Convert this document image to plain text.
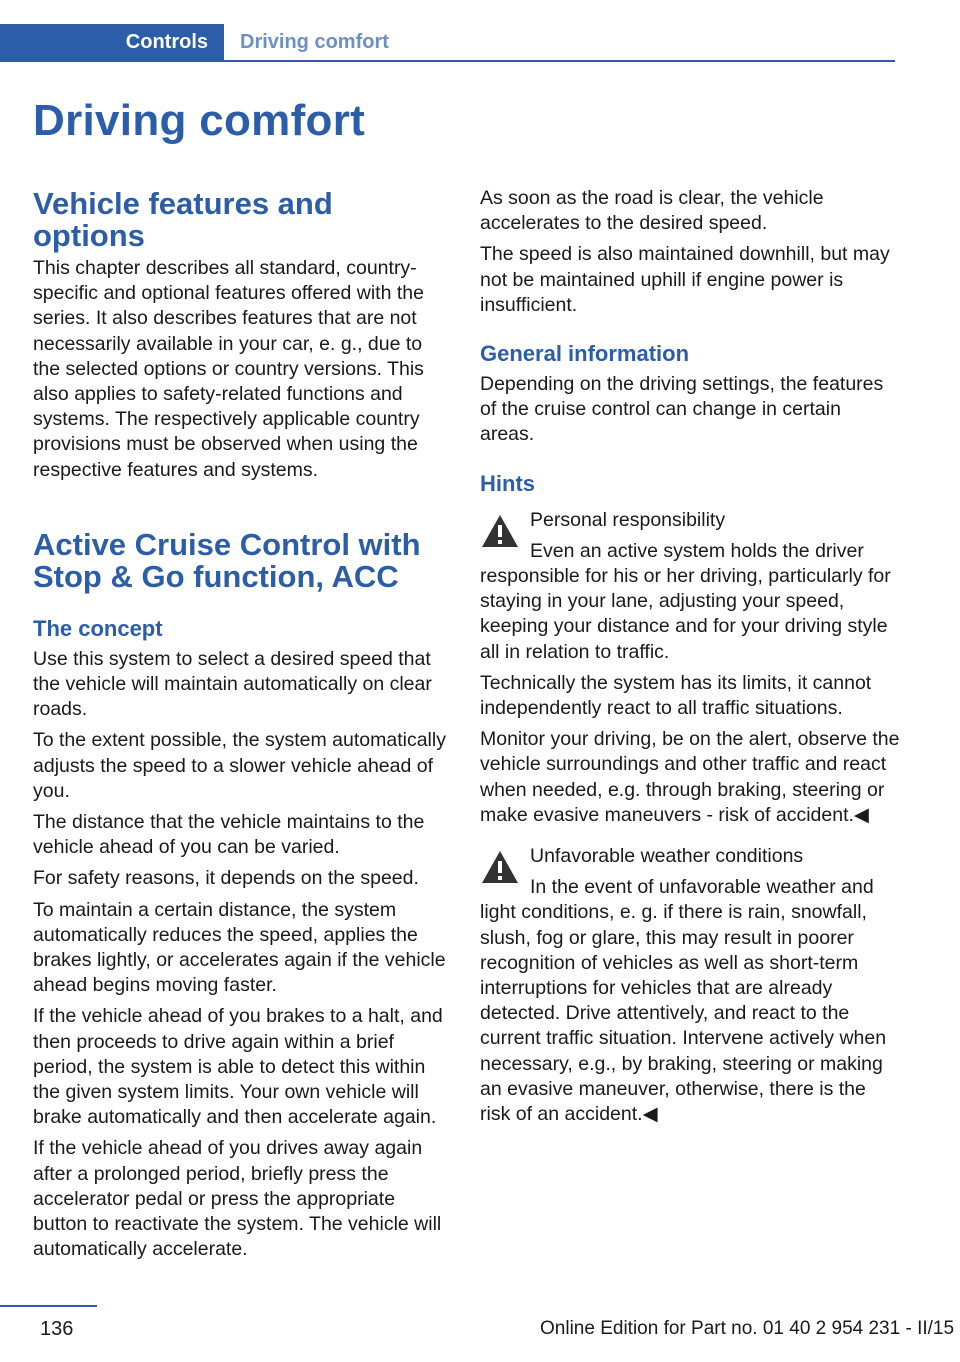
Controls	Driving comfort
Driving comfort
Vehicle features and options

This chapter describes all standard, country-specific and optional features offered with the series. It also describes features that are not necessarily available in your car, e. g., due to the selected options or country versions. This also applies to safety-related functions and systems. The respectively applicable country provisions must be observed when using the respective features and systems.

Active Cruise Control with Stop & Go function, ACC
The concept

Use this system to select a desired speed that the vehicle will maintain automatically on clear roads.

To the extent possible, the system automatically adjusts the speed to a slower vehicle ahead of you.

The distance that the vehicle maintains to the vehicle ahead of you can be varied.

For safety reasons, it depends on the speed.

To maintain a certain distance, the system automatically reduces the speed, applies the brakes lightly, or accelerates again if the vehicle ahead begins moving faster.

If the vehicle ahead of you brakes to a halt, and then proceeds to drive again within a brief period, the system is able to detect this within the given system limits. Your own vehicle will brake automatically and then accelerate again.

If the vehicle ahead of you drives away again after a prolonged period, briefly press the accelerator pedal or press the appropriate button to reactivate the system. The vehicle will automatically accelerate.

As soon as the road is clear, the vehicle accelerates to the desired speed.

The speed is also maintained downhill, but may not be maintained uphill if engine power is insufficient.

General information

Depending on the driving settings, the features of the cruise control can change in certain areas.

Hints

Personal responsibility

Even an active system holds the driver responsible for his or her driving, particularly for staying in your lane, adjusting your speed, keeping your distance and for your driving style all in relation to traffic.

Technically the system has its limits, it cannot independently react to all traffic situations.

Monitor your driving, be on the alert, observe the vehicle surroundings and other traffic and react when needed, e.g. through braking, steering or make evasive maneuvers - risk of accident.◀

Unfavorable weather conditions

In the event of unfavorable weather and light conditions, e. g. if there is rain, snowfall, slush, fog or glare, this may result in poorer recognition of vehicles as well as short-term interruptions for vehicles that are already detected. Drive attentively, and react to the current traffic situation. Intervene actively when necessary, e.g., by braking, steering or making an evasive maneuver, otherwise, there is the risk of an accident.◀

136	Online Edition for Part no. 01 40 2 954 231 - II/15
